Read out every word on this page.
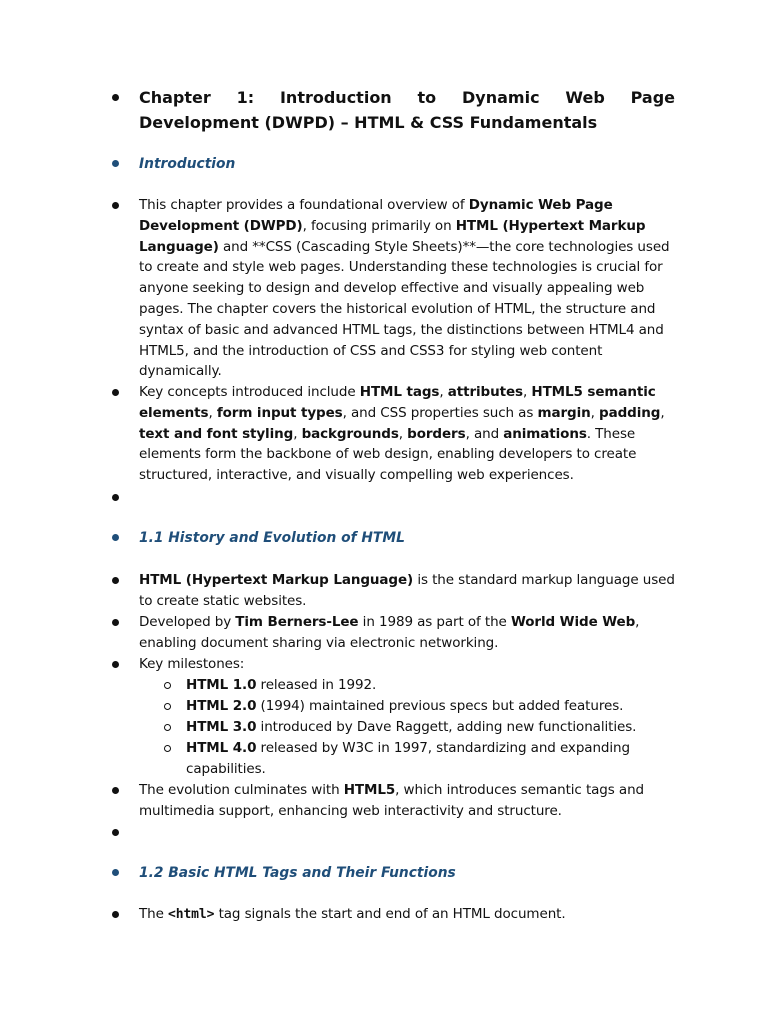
Chapter 1: Introduction to Dynamic Web Page Development (DWPD) – HTML & CSS Fundamentals
Introduction
This chapter provides a foundational overview of Dynamic Web Page Development (DWPD), focusing primarily on HTML (Hypertext Markup Language) and **CSS (Cascading Style Sheets)**—the core technologies used to create and style web pages. Understanding these technologies is crucial for anyone seeking to design and develop effective and visually appealing web pages. The chapter covers the historical evolution of HTML, the structure and syntax of basic and advanced HTML tags, the distinctions between HTML4 and HTML5, and the introduction of CSS and CSS3 for styling web content dynamically.
Key concepts introduced include HTML tags, attributes, HTML5 semantic elements, form input types, and CSS properties such as margin, padding, text and font styling, backgrounds, borders, and animations. These elements form the backbone of web design, enabling developers to create structured, interactive, and visually compelling web experiences.
1.1 History and Evolution of HTML
HTML (Hypertext Markup Language) is the standard markup language used to create static websites.
Developed by Tim Berners-Lee in 1989 as part of the World Wide Web, enabling document sharing via electronic networking.
Key milestones:
HTML 1.0 released in 1992.
HTML 2.0 (1994) maintained previous specs but added features.
HTML 3.0 introduced by Dave Raggett, adding new functionalities.
HTML 4.0 released by W3C in 1997, standardizing and expanding capabilities.
The evolution culminates with HTML5, which introduces semantic tags and multimedia support, enhancing web interactivity and structure.
1.2 Basic HTML Tags and Their Functions
The <html> tag signals the start and end of an HTML document.
